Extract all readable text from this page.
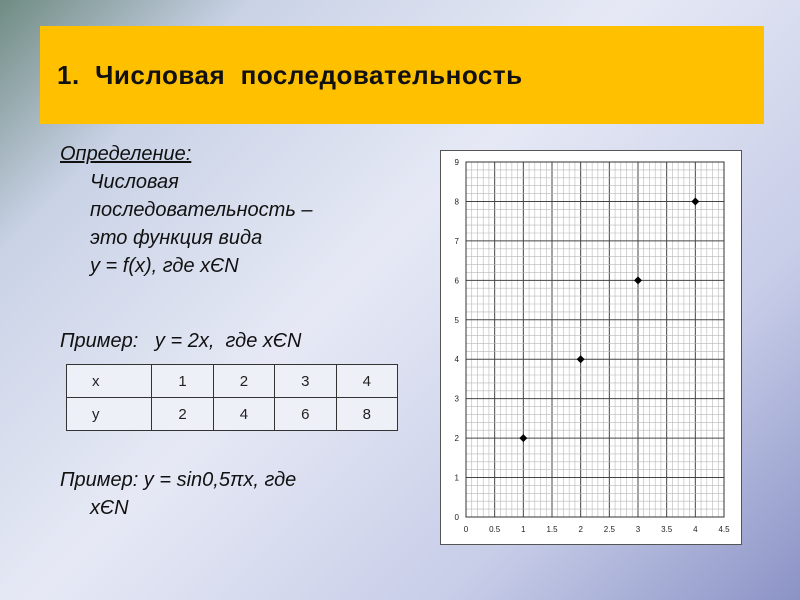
1.  Числовая  последовательность
Определение:
Числовая
последовательность –
это функция вида
y = f(x), где xЄN
Пример:   y = 2x,  где xЄN
x	1	2	3	4
y	2	4	6	8
Пример: y = sin0,5πx, где
xЄN
0	0.5	1	1.5	2	2.5	3	3.5	4	4.5
0
1
2
3
4
5
6
7
8
9
